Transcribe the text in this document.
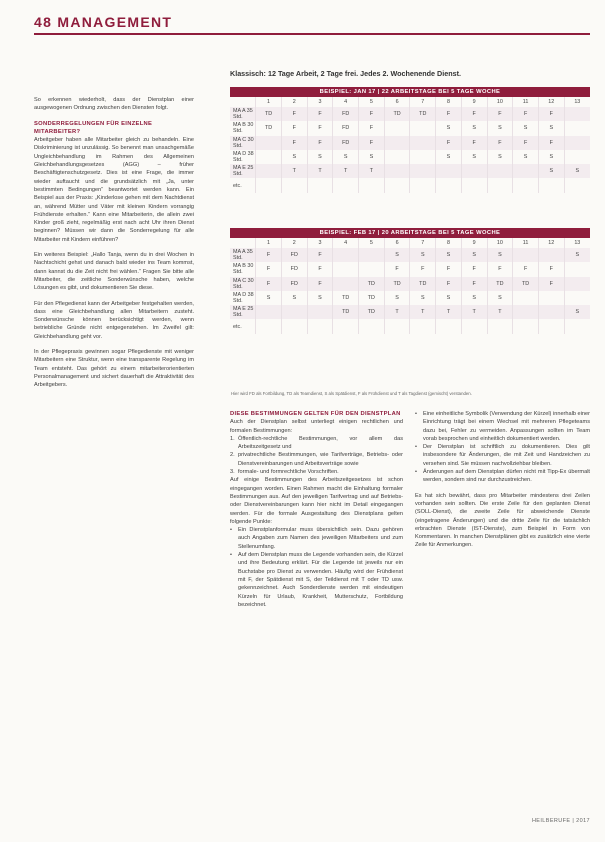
48 MANAGEMENT

So erkennen wiederholt, dass der Dienstplan einer ausgewogenen Ordnung zwischen den Diensten folgt.

SONDERREGELUNGEN FÜR EINZELNE MITARBEITER?

Arbeitgeber haben alle Mitarbeiter gleich zu behandeln. Eine Diskriminierung ist unzulässig. So benennt man unsachgemäße Ungleichbehandlung im Rahmen des Allgemeinen Gleichbehandlungsgesetzes (AGG) – früher Beschäftigtenschutzgesetz. Dies ist eine Frage, die immer wieder auftaucht und die grundsätzlich mit „Ja, unter bestimmten Bedingungen“ beantwortet werden kann. Ein Beispiel aus der Praxis: „Kinderlose gehen mit dem Nachtdienst an, während Mütter und Väter mit kleinen Kindern vorrangig Frühdienste erhalten.“ Kann eine Mitarbeiterin, die allein zwei Kinder groß zieht, regelmäßig erst nach acht Uhr ihren Dienst beginnen? Müssen wir dann die Sonderregelung für alle Mitarbeiter mit Kindern einführen?

Ein weiteres Beispiel: „Hallo Tanja, wenn du in drei Wochen in Nachtschicht gehst und danach bald wieder ins Team kommst, dann kannst du die Zeit nicht frei wählen.“ Fragen Sie bitte alle Mitarbeiter, die zeitliche Sonderwünsche haben, welche Lösungen es gibt, und dokumentieren Sie diese.

Für den Pflegedienst kann der Arbeitgeber festgehalten werden, dass eine Gleichbehandlung allen Mitarbeitern zusteht. Sonderwünsche können berücksichtigt werden, wenn betriebliche Gründe nicht entgegenstehen. Im Zweifel gilt: Gleichbehandlung geht vor.

In der Pflegepraxis gewinnen sogar Pflegedienste mit weniger Mitarbeitern eine Struktur, wenn eine transparente Regelung im Team entsteht. Das gehört zu einem mitarbeiterorientierten Personalmanagement und sichert dauerhaft die Attraktivität des Arbeitgebers.

Klassisch: 12 Tage Arbeit, 2 Tage frei. Jedes 2. Wochenende Dienst.
BEISPIEL: JAN 17 | 22 ARBEITSTAGE BEI 5 TAGE WOCHE													
	1	2	3	4	5	6	7	8	9	10	11	12	13
MA A 35 Std.	TD	F	F	FD	F	TD	TD	F	F	F	F	F	
MA B 30 Std.	TD	F	F	FD	F			S	S	S	S	S	
MA C 30 Std.		F	F	FD	F			F	F	F	F	F	
MA D 38 Std.		S	S	S	S			S	S	S	S	S	
MA E 25 Std.		T	T	T	T							S	S
etc.													
BEISPIEL: FEB 17 | 20 ARBEITSTAGE BEI 5 TAGE WOCHE													
	1	2	3	4	5	6	7	8	9	10	11	12	13
MA A 35 Std.	F	FD	F			S	S	S	S	S			S
MA B 30 Std.	F	FD	F			F	F	F	F	F	F	F	
MA C 30 Std.	F	FD	F		TD	TD	TD	F	F	TD	TD	F	
MA D 38 Std.	S	S	S	TD	TD	S	S	S	S	S			
MA E 25 Std.				TD	TD	T	T	T	T	T			S
etc.													
Hier wird FD als Fortbildung, TD als Teamdienst, S als Spätdienst, F als Frühdienst und T als Tagdienst (gemischt) verstanden.
DIESE BESTIMMUNGEN GELTEN FÜR DEN DIENSTPLAN

Auch der Dienstplan selbst unterliegt einigen rechtlichen und formalen Bestimmungen:

1. Öffentlich-rechtliche Bestimmungen, vor allem das Arbeitszeitgesetz und
2. privatrechtliche Bestimmungen, wie Tarifverträge, Betriebs- oder Dienstvereinbarungen und Arbeitsverträge sowie
3. formale- und formrechtliche Vorschriften.

Auf einige Bestimmungen des Arbeitszeitgesetzes ist schon eingegangen worden. Einen Rahmen macht die Einhaltung formaler Bestimmungen aus. Auf den jeweiligen Tarifvertrag und auf Betriebs- oder Dienstvereinbarungen kann hier nicht im Detail eingegangen werden. Für die formale Ausgestaltung des Dienstplans gelten folgende Punkte:

• Ein Dienstplanformular muss übersichtlich sein. Dazu gehören auch Angaben zum Namen des jeweiligen Mitarbeiters und zum Stellenumfang.
• Auf dem Dienstplan muss die Legende vorhanden sein, die Kürzel und ihre Bedeutung erklärt. Für die Legende ist jeweils nur ein Buchstabe pro Dienst zu verwenden. Häufig wird der Frühdienst mit F, der Spätdienst mit S, der Teildienst mit T oder TD usw. gekennzeichnet. Auch Sonderdienste werden mit eindeutigen Kürzeln für Urlaub, Krankheit, Mutterschutz, Fortbildung bezeichnet.
• Eine einheitliche Symbolik (Verwendung der Kürzel) innerhalb einer Einrichtung trägt bei einem Wechsel mit mehreren Pflegeteams dazu bei, Fehler zu vermeiden. Anpassungen sollten im Team vorab besprochen und einheitlich dokumentiert werden.
• Der Dienstplan ist schriftlich zu dokumentieren. Dies gilt insbesondere für Änderungen, die mit Zeit und Handzeichen zu versehen sind. Sie müssen nachvollziehbar bleiben.
• Änderungen auf dem Dienstplan dürfen nicht mit Tipp-Ex übermalt werden, sondern sind nur durchzustreichen.

Es hat sich bewährt, dass pro Mitarbeiter mindestens drei Zeilen vorhanden sein sollten. Die erste Zeile für den geplanten Dienst (SOLL-Dienst), die zweite Zeile für abweichende Dienste (eingetragene Änderungen) und die dritte Zeile für die tatsächlich erbrachten Dienste (IST-Dienste), zum Beispiel in Form von Kommentaren. In manchen Dienstplänen gibt es zusätzlich eine vierte Zeile für Anmerkungen.

HEILBERUFE | 2017
